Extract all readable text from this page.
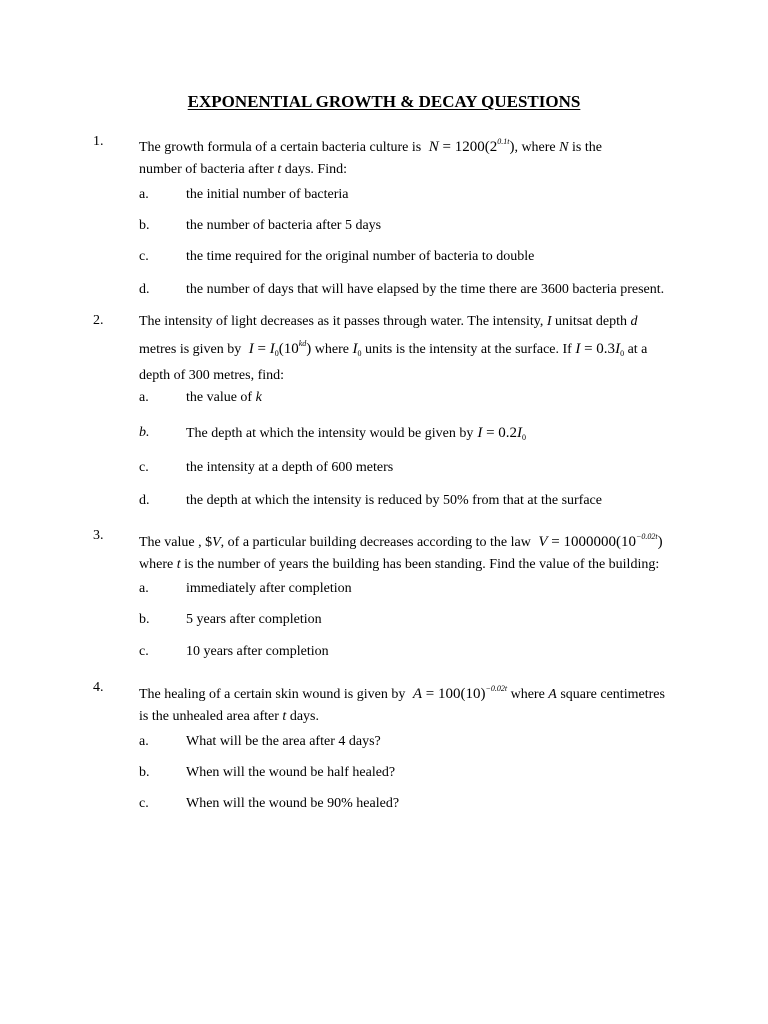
EXPONENTIAL GROWTH & DECAY QUESTIONS
1.	The growth formula of a certain bacteria culture is $N = 1200(2^{0.1t})$, where N is the
number of bacteria after t days. Find:
a.	the initial number of bacteria
b.	the number of bacteria after 5 days
c.	the time required for the original number of bacteria to double
d.	the number of days that will have elapsed by the time there are 3600 bacteria present.
2.	The intensity of light decreases as it passes through water. The intensity, I unitsat depth d
metres is given by $I = I_0(10^{kd})$ where $I_0$ units is the intensity at the surface. If $I = 0.3I_0$ at a
depth of 300 metres, find:
a.	the value of k
b.	The depth at which the intensity would be given by $I = 0.2I_0$
c.	the intensity at a depth of 600 meters
d.	the depth at which the intensity is reduced by 50% from that at the surface
3.	The value , $V, of a particular building decreases according to the law $V = 1000000(10^{-0.02t})$
where t is the number of years the building has been standing. Find the value of the building:
a.	immediately after completion
b.	5 years after completion
c.	10 years after completion
4.	The healing of a certain skin wound is given by $A = 100(10)^{-0.02t}$ where A square centimetres
is the unhealed area after t days.
a.	What will be the area after 4 days?
b.	When will the wound be half healed?
c.	When will the wound be 90% healed?
